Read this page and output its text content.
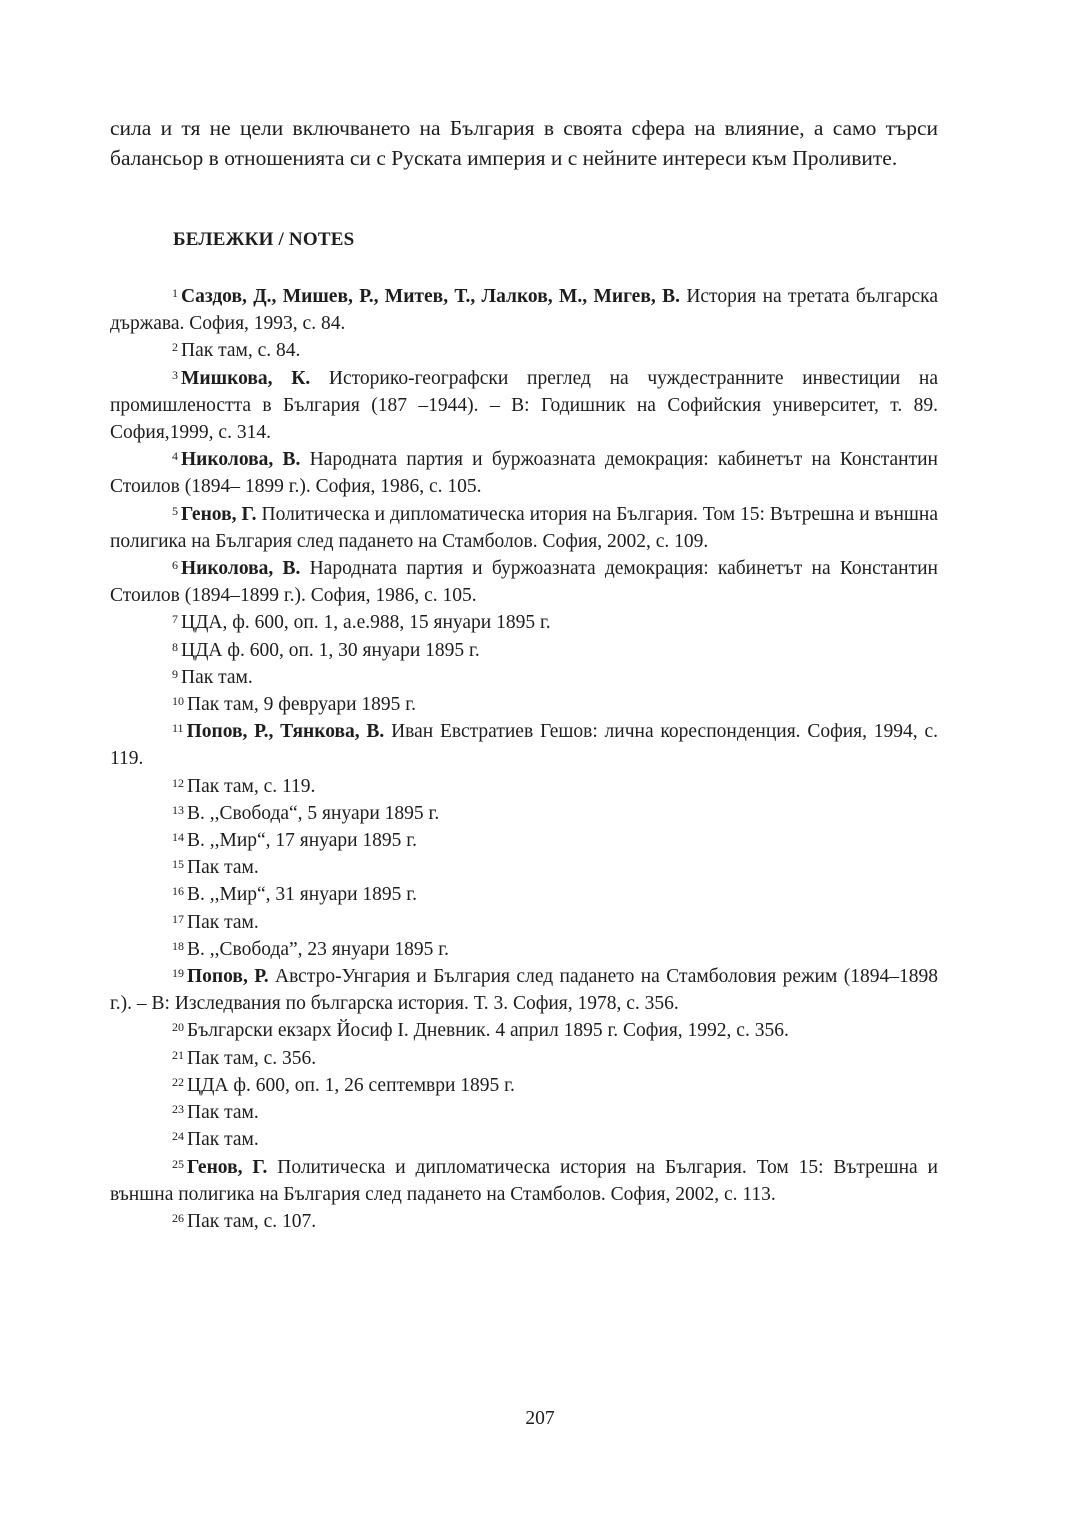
сила и тя не цели включването на България в своята сфера на влияние, а само търси балансьор в отношенията си с Руската империя и с нейните интереси към Проливите.

БЕЛЕЖКИ / NOTES

$^1$ Саздов, Д., Мишев, Р., Митев, Т., Лалков, М., Мигев, В. История на третата българска държава. София, 1993, с. 84.

$^2$ Пак там, с. 84.

$^3$ Мишкова, К. Историко-географски преглед на чуждестранните инвестиции на промишлеността в България (187 –1944). – В: Годишник на Софийския университет, т. 89. София,1999, с. 314.

$^4$ Николова, В. Народната партия и буржоазната демокрация: кабинетът на Константин Стоилов (1894– 1899 г.). София, 1986, с. 105.

$^5$ Генов, Г. Политическа и дипломатическа итория на България. Том 15: Вътрешна и външна полигика на България след падането на Стамболов. София, 2002, с. 109.

$^6$ Николова, В. Народната партия и буржоазната демокрация: кабинетът на Константин Стоилов (1894–1899 г.). София, 1986, с. 105.

$^7$ ЦДА, ф. 600, оп. 1, а.е.988, 15 януари 1895 г.

$^8$ ЦДА ф. 600, оп. 1, 30 януари 1895 г.

$^9$ Пак там.

$^{10}$ Пак там, 9 февруари 1895 г.

$^{11}$ Попов, Р., Тянкова, В. Иван Евстратиев Гешов: лична кореспонденция. София, 1994, с. 119.

$^{12}$ Пак там, с. 119.

$^{13}$ В. ,,Свобода“, 5 януари 1895 г.

$^{14}$ В. ,,Мир“, 17 януари 1895 г.

$^{15}$ Пак там.

$^{16}$ В. ,,Мир“, 31 януари 1895 г.

$^{17}$ Пак там.

$^{18}$ В. ,,Свобода”, 23 януари 1895 г.

$^{19}$ Попов, Р. Австро-Унгария и България след падането на Стамболовия режим (1894–1898 г.). – В: Изследвания по българска история. Т. 3. София, 1978, с. 356.

$^{20}$ Български екзарх Йосиф I. Дневник. 4 април 1895 г. София, 1992, с. 356.

$^{21}$ Пак там, с. 356.

$^{22}$ ЦДА ф. 600, оп. 1, 26 септември 1895 г.

$^{23}$ Пак там.

$^{24}$ Пак там.

$^{25}$ Генов, Г. Политическа и дипломатическа история на България. Том 15: Вътрешна и външна полигика на България след падането на Стамболов. София, 2002, с. 113.

$^{26}$ Пак там, с. 107.

207
